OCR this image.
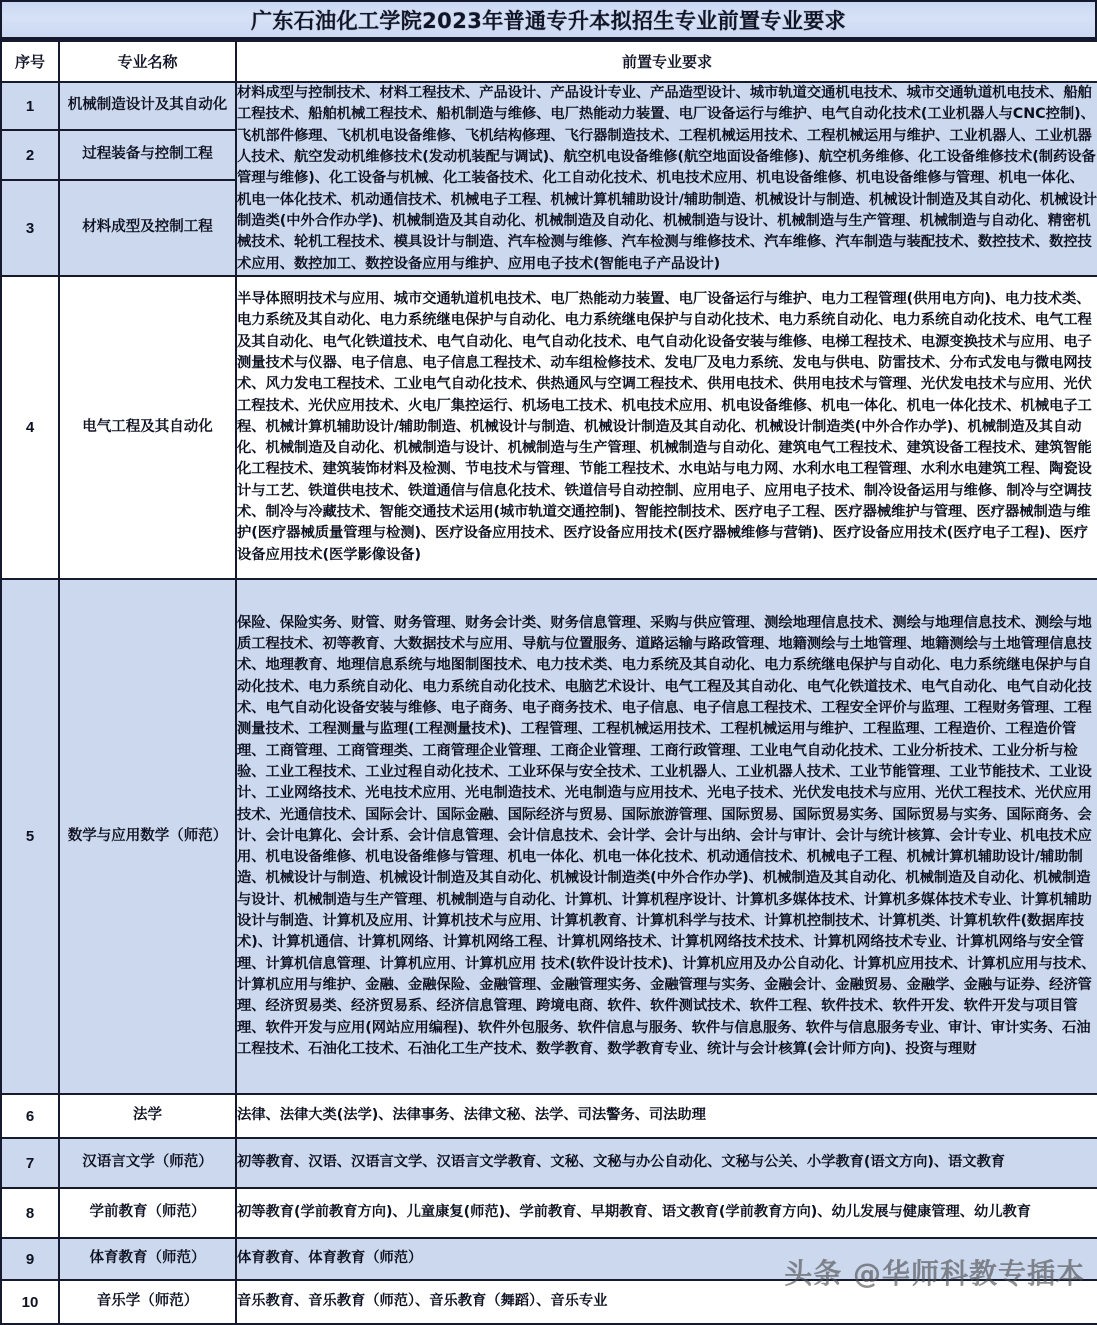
广东石油化工学院2023年普通专升本拟招生专业前置专业要求
序号	专业名称	前置专业要求
1	机械制造设计及其自动化	材料成型与控制技术、材料工程技术、产品设计、产品设计专业、产品造型设计、城市轨道交通机电技术、城市交通轨道机电技术、船舶工程技术、船舶机械工程技术、船机制造与维修、电厂热能动力装置、电厂设备运行与维护、电气自动化技术(工业机器人与CNC控制)、飞机部件修理、飞机机电设备维修、飞机结构修理、飞行器制造技术、工程机械运用技术、工程机械运用与维护、工业机器人、工业机器人技术、航空发动机维修技术(发动机装配与调试)、航空机电设备维修(航空地面设备维修)、航空机务维修、化工设备维修技术(制药设备管理与维修)、化工设备与机械、化工装备技术、化工自动化技术、机电技术应用、机电设备维修、机电设备维修与管理、机电一体化、机电一体化技术、机动通信技术、机械电子工程、机械计算机辅助设计/辅助制造、机械设计与制造、机械设计制造及其自动化、机械设计制造类(中外合作办学)、机械制造及其自动化、机械制造及自动化、机械制造与设计、机械制造与生产管理、机械制造与自动化、精密机械技术、轮机工程技术、模具设计与制造、汽车检测与维修、汽车检测与维修技术、汽车维修、汽车制造与装配技术、数控技术、数控技术应用、数控加工、数控设备应用与维护、应用电子技术(智能电子产品设计)
2	过程装备与控制工程	
3	材料成型及控制工程	
4	电气工程及其自动化	半导体照明技术与应用、城市交通轨道机电技术、电厂热能动力装置、电厂设备运行与维护、电力工程管理(供用电方向)、电力技术类、电力系统及其自动化、电力系统继电保护与自动化、电力系统继电保护与自动化技术、电力系统自动化、电力系统自动化技术、电气工程及其自动化、电气化铁道技术、电气自动化、电气自动化技术、电气自动化设备安装与维修、电梯工程技术、电源变换技术与应用、电子测量技术与仪器、电子信息、电子信息工程技术、动车组检修技术、发电厂及电力系统、发电与供电、防雷技术、分布式发电与微电网技术、风力发电工程技术、工业电气自动化技术、供热通风与空调工程技术、供用电技术、供用电技术与管理、光伏发电技术与应用、光伏工程技术、光伏应用技术、火电厂集控运行、机场电工技术、机电技术应用、机电设备维修、机电一体化、机电一体化技术、机械电子工程、机械计算机辅助设计/辅助制造、机械设计与制造、机械设计制造及其自动化、机械设计制造类(中外合作办学)、机械制造及其自动化、机械制造及自动化、机械制造与设计、机械制造与生产管理、机械制造与自动化、建筑电气工程技术、建筑设备工程技术、建筑智能化工程技术、建筑装饰材料及检测、节电技术与管理、节能工程技术、水电站与电力网、水利水电工程管理、水利水电建筑工程、陶瓷设计与工艺、铁道供电技术、铁道通信与信息化技术、铁道信号自动控制、应用电子、应用电子技术、制冷设备运用与维修、制冷与空调技术、制冷与冷藏技术、智能交通技术运用(城市轨道交通控制)、智能控制技术、医疗电子工程、医疗器械维护与管理、医疗器械制造与维护(医疗器械质量管理与检测)、医疗设备应用技术、医疗设备应用技术(医疗器械维修与营销)、医疗设备应用技术(医疗电子工程)、医疗设备应用技术(医学影像设备)
5	数学与应用数学（师范）	保险、保险实务、财管、财务管理、财务会计类、财务信息管理、采购与供应管理、测绘地理信息技术、测绘与地理信息技术、测绘与地质工程技术、初等教育、大数据技术与应用、导航与位置服务、道路运输与路政管理、地籍测绘与土地管理、地籍测绘与土地管理信息技术、地理教育、地理信息系统与地图制图技术、电力技术类、电力系统及其自动化、电力系统继电保护与自动化、电力系统继电保护与自动化技术、电力系统自动化、电力系统自动化技术、电脑艺术设计、电气工程及其自动化、电气化铁道技术、电气自动化、电气自动化技术、电气自动化设备安装与维修、电子商务、电子商务技术、电子信息、电子信息工程技术、工程安全评价与监理、工程财务管理、工程测量技术、工程测量与监理(工程测量技术)、工程管理、工程机械运用技术、工程机械运用与维护、工程监理、工程造价、工程造价管理、工商管理、工商管理类、工商管理企业管理、工商企业管理、工商行政管理、工业电气自动化技术、工业分析技术、工业分析与检验、工业工程技术、工业过程自动化技术、工业环保与安全技术、工业机器人、工业机器人技术、工业节能管理、工业节能技术、工业设计、工业网络技术、光电技术应用、光电制造技术、光电制造与应用技术、光电子技术、光伏发电技术与应用、光伏工程技术、光伏应用技术、光通信技术、国际会计、国际金融、国际经济与贸易、国际旅游管理、国际贸易、国际贸易实务、国际贸易与实务、国际商务、会计、会计电算化、会计系、会计信息管理、会计信息技术、会计学、会计与出纳、会计与审计、会计与统计核算、会计专业、机电技术应用、机电设备维修、机电设备维修与管理、机电一体化、机电一体化技术、机动通信技术、机械电子工程、机械计算机辅助设计/辅助制造、机械设计与制造、机械设计制造及其自动化、机械设计制造类(中外合作办学)、机械制造及其自动化、机械制造及自动化、机械制造与设计、机械制造与生产管理、机械制造与自动化、计算机、计算机程序设计、计算机多媒体技术、计算机多媒体技术专业、计算机辅助设计与制造、计算机及应用、计算机技术与应用、计算机教育、计算机科学与技术、计算机控制技术、计算机类、计算机软件(数据库技术)、计算机通信、计算机网络、计算机网络工程、计算机网络技术、计算机网络技术技术、计算机网络技术专业、计算机网络与安全管理、计算机信息管理、计算机应用、计算机应用 技术(软件设计技术)、计算机应用及办公自动化、计算机应用技术、计算机应用与技术、计算机应用与维护、金融、金融保险、金融管理、金融管理实务、金融管理与实务、金融会计、金融贸易、金融学、金融与证券、经济管理、经济贸易类、经济贸易系、经济信息管理、跨境电商、软件、软件测试技术、软件工程、软件技术、软件开发、软件开发与项目管理、软件开发与应用(网站应用编程)、软件外包服务、软件信息与服务、软件与信息服务、软件与信息服务专业、审计、审计实务、石油工程技术、石油化工技术、石油化工生产技术、数学教育、数学教育专业、统计与会计核算(会计师方向)、投资与理财
6	法学	法律、法律大类(法学)、法律事务、法律文秘、法学、司法警务、司法助理
7	汉语言文学（师范）	初等教育、汉语、汉语言文学、汉语言文学教育、文秘、文秘与办公自动化、文秘与公关、小学教育(语文方向)、语文教育
8	学前教育（师范）	初等教育(学前教育方向)、儿童康复(师范)、学前教育、早期教育、语文教育(学前教育方向)、幼儿发展与健康管理、幼儿教育
9	体育教育（师范）	体育教育、体育教育（师范）
10	音乐学（师范）	音乐教育、音乐教育（师范）、音乐教育（舞蹈）、音乐专业
头条 @华师科教专插本
